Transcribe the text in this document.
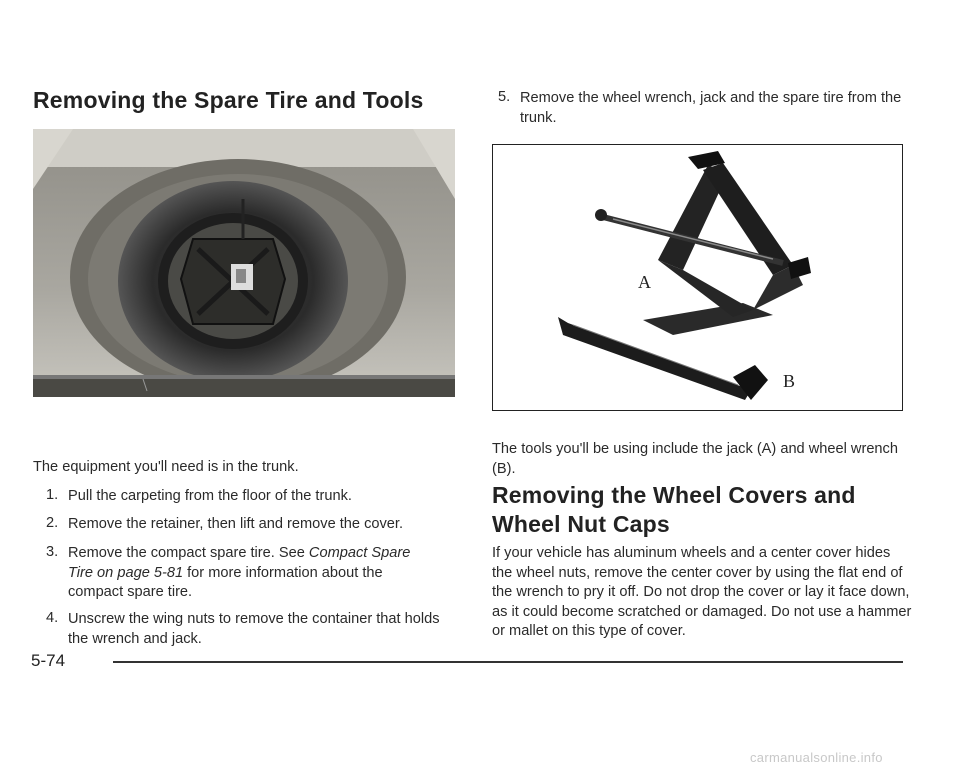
Removing the Spare Tire and Tools

The equipment you'll need is in the trunk.

1. Pull the carpeting from the floor of the trunk.

2. Remove the retainer, then lift and remove the cover.

3. Remove the compact spare tire. See Compact Spare Tire on page 5-81 for more information about the compact spare tire.

4. Unscrew the wing nuts to remove the container that holds the wrench and jack.

5. Remove the wheel wrench, jack and the spare tire from the trunk.

A
B

The tools you'll be using include the jack (A) and wheel wrench (B).

Removing the Wheel Covers and Wheel Nut Caps

If your vehicle has aluminum wheels and a center cover hides the wheel nuts, remove the center cover by using the flat end of the wrench to pry it off. Do not drop the cover or lay it face down, as it could become scratched or damaged. Do not use a hammer or mallet on this type of cover.

5-74
carmanualsonline.info
